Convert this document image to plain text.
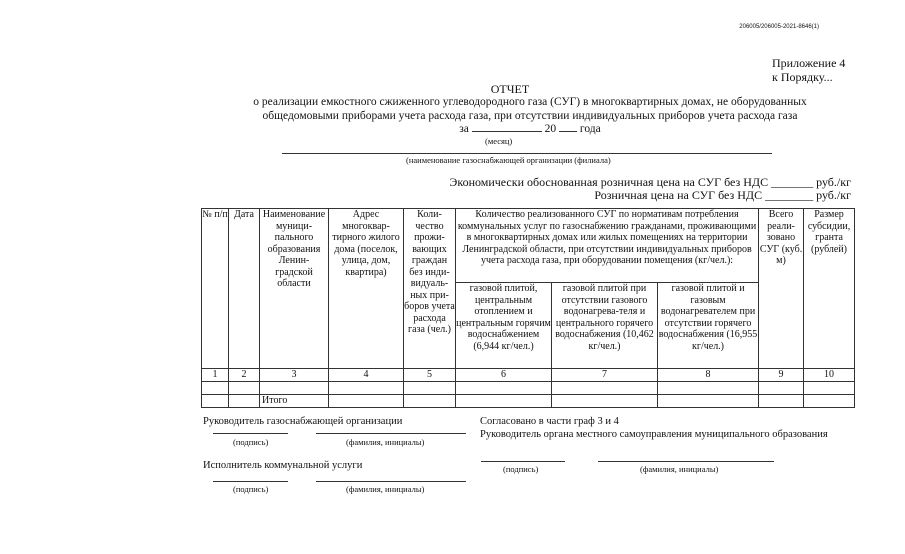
206005/206005-2021-8646(1)
Приложение 4
к Порядку...
ОТЧЕТ
о реализации емкостного сжиженного углеводородного газа (СУГ) в многоквартирных домах, не оборудованных
общедомовыми приборами учета расхода газа, при отсутствии индивидуальных приборов учета расхода газа
за	20 года
(месяц)
(наименование газоснабжающей организации (филиала)
Экономически обоснованная розничная цена на СУГ без НДС _______ руб./кг
Розничная цена на СУГ без НДС ________ руб./кг
№ п/п	Дата	Наименование муници-пального образования Ленин-градской области	Адрес многоквар-тирного жилого дома (поселок, улица, дом, квартира)	Коли-чество прожи-вающих граждан без инди-видуаль-ных при-боров учета расхода газа (чел.)	Количество реализованного СУГ по нормативам потребления коммунальных услуг по газоснабжению гражданами, проживающими в многоквартирных домах или жилых помещениях на территории Ленинградской области, при отсутствии индивидуальных приборов учета расхода газа, при оборудовании помещения (кг/чел.):			Всего реали-зовано СУГ (куб. м)	Размер субсидии, гранта (рублей)
					газовой плитой, центральным отоплением и центральным горячим водоснабжением (6,944 кг/чел.)	газовой плитой при отсутствии газового водонагрева-теля и центрального горячего водоснабжения (10,462 кг/чел.)	газовой плитой и газовым водонагревателем при отсутствии горячего водоснабжения (16,955 кг/чел.)		
1	2	3	4	5	6	7	8	9	10

		Итого							
Руководитель газоснабжающей организации
(подпись)	(фамилия, инициалы)
Исполнитель коммунальной услуги
(подпись)	(фамилия, инициалы)
Согласовано в части граф 3 и 4
Руководитель органа местного самоуправления муниципального образования
(подпись)	(фамилия, инициалы)
